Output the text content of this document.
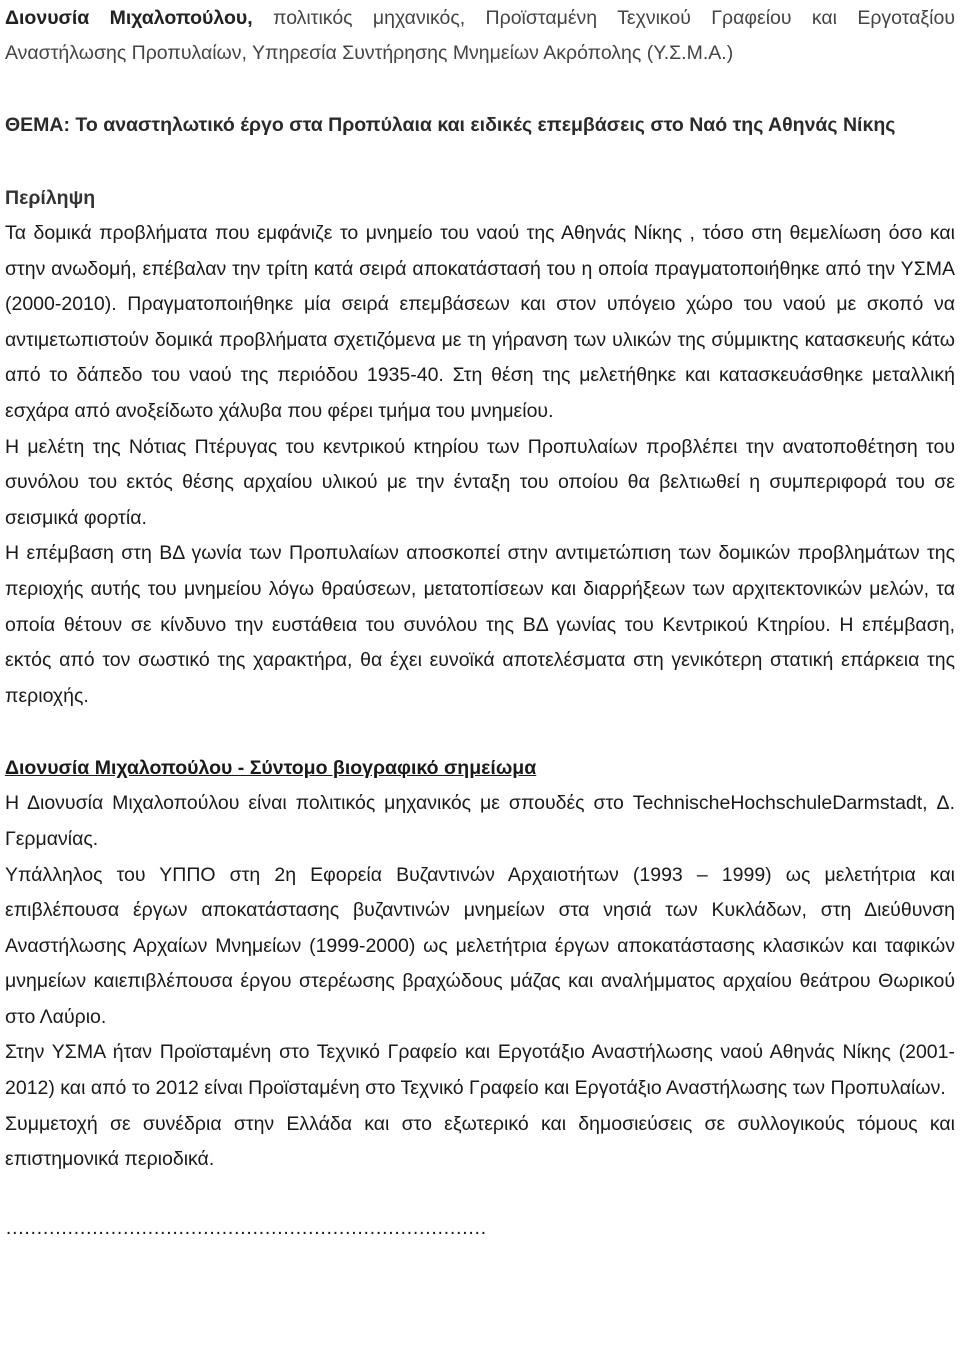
Διονυσία Μιχαλοπούλου, πολιτικός μηχανικός, Προϊσταμένη Τεχνικού Γραφείου και Εργοταξίου Αναστήλωσης Προπυλαίων, Υπηρεσία Συντήρησης Μνημείων Ακρόπολης (Υ.Σ.Μ.Α.)

ΘΕΜΑ: Το αναστηλωτικό έργο στα Προπύλαια και ειδικές επεμβάσεις στο Ναό της Αθηνάς Νίκης

Περίληψη

Τα δομικά προβλήματα που εμφάνιζε το μνημείο του ναού της Αθηνάς Νίκης , τόσο στη θεμελίωση όσο και στην ανωδομή, επέβαλαν την τρίτη κατά σειρά αποκατάστασή του η οποία πραγματοποιήθηκε από την ΥΣΜΑ (2000-2010). Πραγματοποιήθηκε μία σειρά επεμβάσεων και στον υπόγειο χώρο του ναού με σκοπό να αντιμετωπιστούν δομικά προβλήματα σχετιζόμενα με τη γήρανση των υλικών της σύμμικτης κατασκευής κάτω από το δάπεδο του ναού της περιόδου 1935-40. Στη θέση της μελετήθηκε και κατασκευάσθηκε μεταλλική εσχάρα από ανοξείδωτο χάλυβα που φέρει τμήμα του μνημείου.

Η μελέτη της Νότιας Πτέρυγας του κεντρικού κτηρίου των Προπυλαίων προβλέπει την ανατοποθέτηση του συνόλου του εκτός θέσης αρχαίου υλικού με την ένταξη του οποίου θα βελτιωθεί η συμπεριφορά του σε σεισμικά φορτία.

Η επέμβαση στη ΒΔ γωνία των Προπυλαίων αποσκοπεί στην αντιμετώπιση των δομικών προβλημάτων της περιοχής αυτής του μνημείου λόγω θραύσεων, μετατοπίσεων και διαρρήξεων των αρχιτεκτονικών μελών, τα οποία θέτουν σε κίνδυνο την ευστάθεια του συνόλου της ΒΔ γωνίας του Κεντρικού Κτηρίου. Η επέμβαση, εκτός από τον σωστικό της χαρακτήρα, θα έχει ευνοϊκά αποτελέσματα στη γενικότερη στατική επάρκεια της περιοχής.

Διονυσία Μιχαλοπούλου - Σύντομο βιογραφικό σημείωμα

Η Διονυσία Μιχαλοπούλου είναι πολιτικός μηχανικός με σπουδές στο TechnischeHochschuleDarmstadt, Δ. Γερμανίας.

Υπάλληλος του ΥΠΠΟ στη 2η Εφορεία Βυζαντινών Αρχαιοτήτων (1993 – 1999) ως μελετήτρια και επιβλέπουσα έργων αποκατάστασης βυζαντινών μνημείων στα νησιά των Κυκλάδων, στη Διεύθυνση Αναστήλωσης Αρχαίων Μνημείων (1999-2000) ως μελετήτρια έργων αποκατάστασης κλασικών και ταφικών μνημείων καιεπιβλέπουσα έργου στερέωσης βραχώδους μάζας και αναλήμματος αρχαίου θεάτρου Θωρικού στο Λαύριο.

Στην ΥΣΜΑ ήταν Προϊσταμένη στο Τεχνικό Γραφείο και Εργοτάξιο Αναστήλωσης ναού Αθηνάς Νίκης (2001-2012) και από το 2012 είναι Προϊσταμένη στο Τεχνικό Γραφείο και Εργοτάξιο Αναστήλωσης των Προπυλαίων.

Συμμετοχή σε συνέδρια στην Ελλάδα και στο εξωτερικό και δημοσιεύσεις σε συλλογικούς τόμους και επιστημονικά περιοδικά.

……………………………………………………………………
